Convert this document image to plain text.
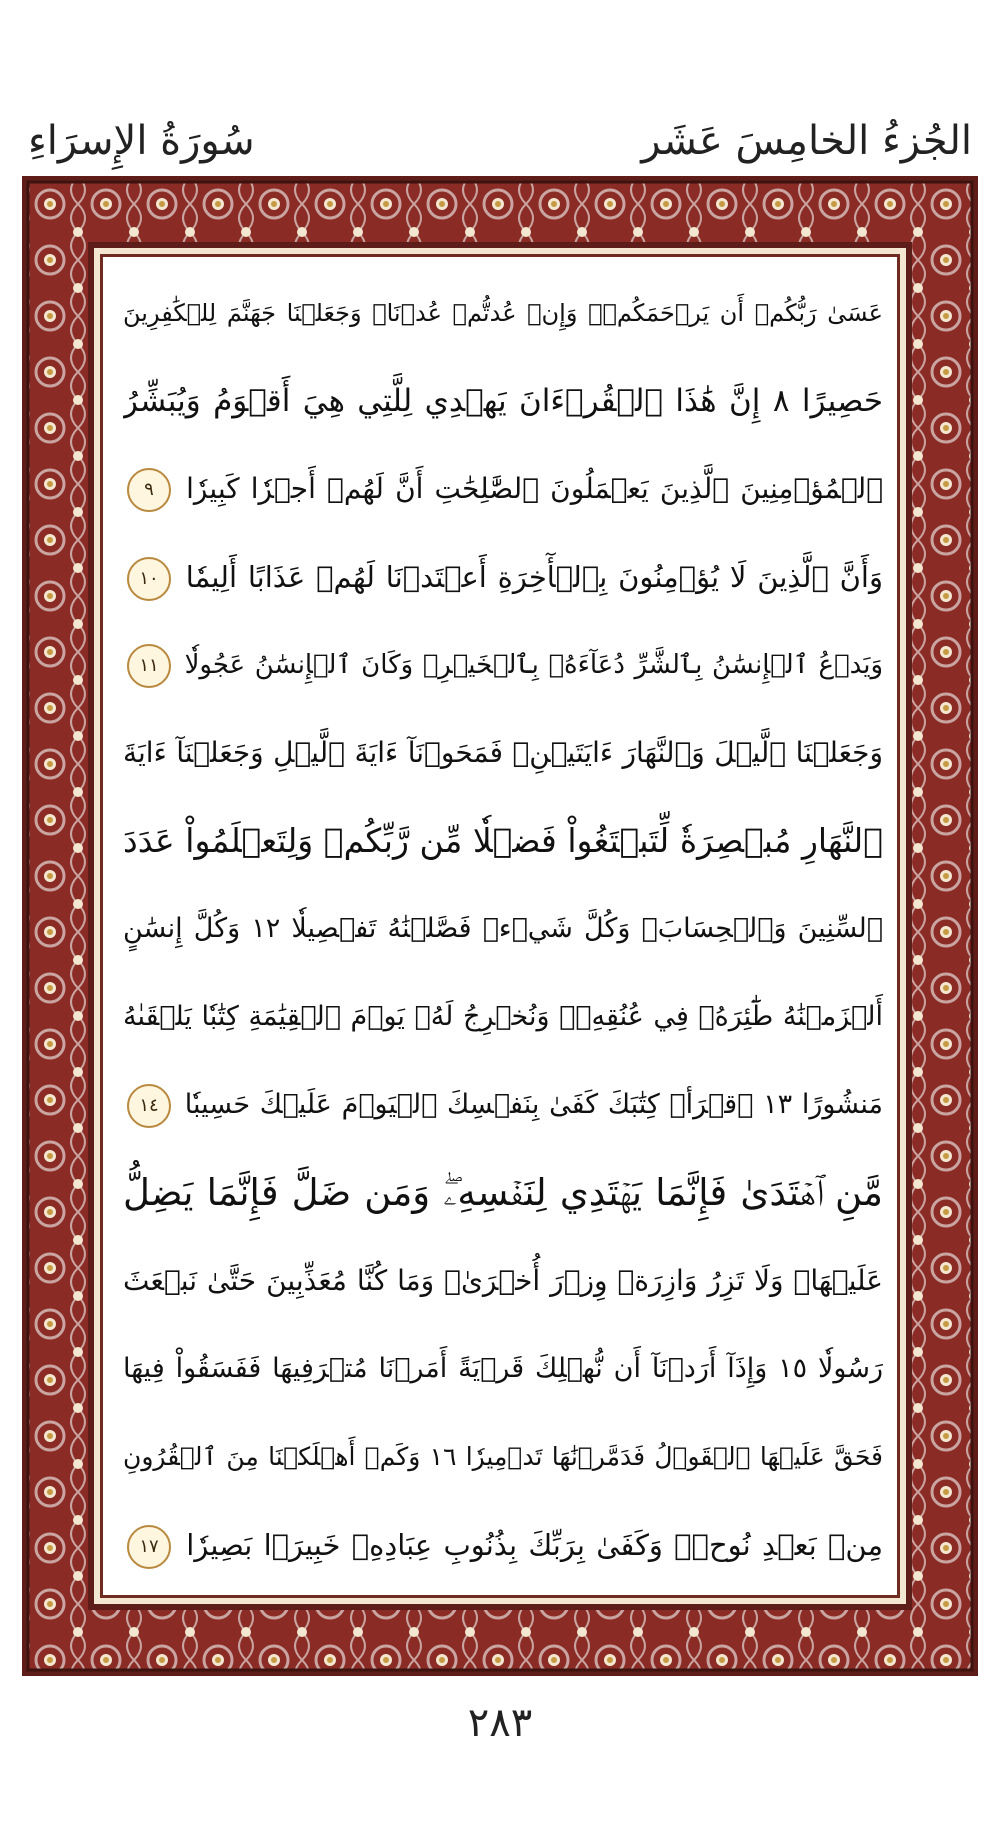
سُورَةُ الإِسرَاءِ	الجُزءُ الخامِسَ عَشَر
عَسَىٰ رَبُّكُمۡ أَن يَرۡحَمَكُمۡۚ وَإِنۡ عُدتُّمۡ عُدۡنَاۚ وَجَعَلۡنَا جَهَنَّمَ لِلۡكَٰفِرِينَ
حَصِيرًا ٨ إِنَّ هَٰذَا ٱلۡقُرۡءَانَ يَهۡدِي لِلَّتِي هِيَ أَقۡوَمُ وَيُبَشِّرُ
ٱلۡمُؤۡمِنِينَ ٱلَّذِينَ يَعۡمَلُونَ ٱلصَّٰلِحَٰتِ أَنَّ لَهُمۡ أَجۡرٗا كَبِيرٗا ٩
وَأَنَّ ٱلَّذِينَ لَا يُؤۡمِنُونَ بِٱلۡأٓخِرَةِ أَعۡتَدۡنَا لَهُمۡ عَذَابًا أَلِيمٗا ١٠
وَيَدۡعُ ٱلۡإِنسَٰنُ بِٱلشَّرِّ دُعَآءَهُۥ بِٱلۡخَيۡرِۖ وَكَانَ ٱلۡإِنسَٰنُ عَجُولٗا ١١
وَجَعَلۡنَا ٱلَّيۡلَ وَٱلنَّهَارَ ءَايَتَيۡنِۖ فَمَحَوۡنَآ ءَايَةَ ٱلَّيۡلِ وَجَعَلۡنَآ ءَايَةَ
ٱلنَّهَارِ مُبۡصِرَةٗ لِّتَبۡتَغُواْ فَضۡلٗا مِّن رَّبِّكُمۡ وَلِتَعۡلَمُواْ عَدَدَ
ٱلسِّنِينَ وَٱلۡحِسَابَۚ وَكُلَّ شَيۡءٖ فَصَّلۡنَٰهُ تَفۡصِيلٗا ١٢ وَكُلَّ إِنسَٰنٍ
أَلۡزَمۡنَٰهُ طَٰٓئِرَهُۥ فِي عُنُقِهِۦۖ وَنُخۡرِجُ لَهُۥ يَوۡمَ ٱلۡقِيَٰمَةِ كِتَٰبٗا يَلۡقَىٰهُ
مَنشُورًا ١٣ ٱقۡرَأۡ كِتَٰبَكَ كَفَىٰ بِنَفۡسِكَ ٱلۡيَوۡمَ عَلَيۡكَ حَسِيبٗا ١٤
مَّنِ ٱهۡتَدَىٰ فَإِنَّمَا يَهۡتَدِي لِنَفۡسِهِۦۖ وَمَن ضَلَّ فَإِنَّمَا يَضِلُّ
عَلَيۡهَاۚ وَلَا تَزِرُ وَازِرَةٞ وِزۡرَ أُخۡرَىٰۗ وَمَا كُنَّا مُعَذِّبِينَ حَتَّىٰ نَبۡعَثَ
رَسُولٗا ١٥ وَإِذَآ أَرَدۡنَآ أَن نُّهۡلِكَ قَرۡيَةً أَمَرۡنَا مُتۡرَفِيهَا فَفَسَقُواْ فِيهَا
فَحَقَّ عَلَيۡهَا ٱلۡقَوۡلُ فَدَمَّرۡنَٰهَا تَدۡمِيرٗا ١٦ وَكَمۡ أَهۡلَكۡنَا مِنَ ٱلۡقُرُونِ
مِنۢ بَعۡدِ نُوحٖۗ وَكَفَىٰ بِرَبِّكَ بِذُنُوبِ عِبَادِهِۦ خَبِيرَۢا بَصِيرٗا ١٧
٢٨٣
